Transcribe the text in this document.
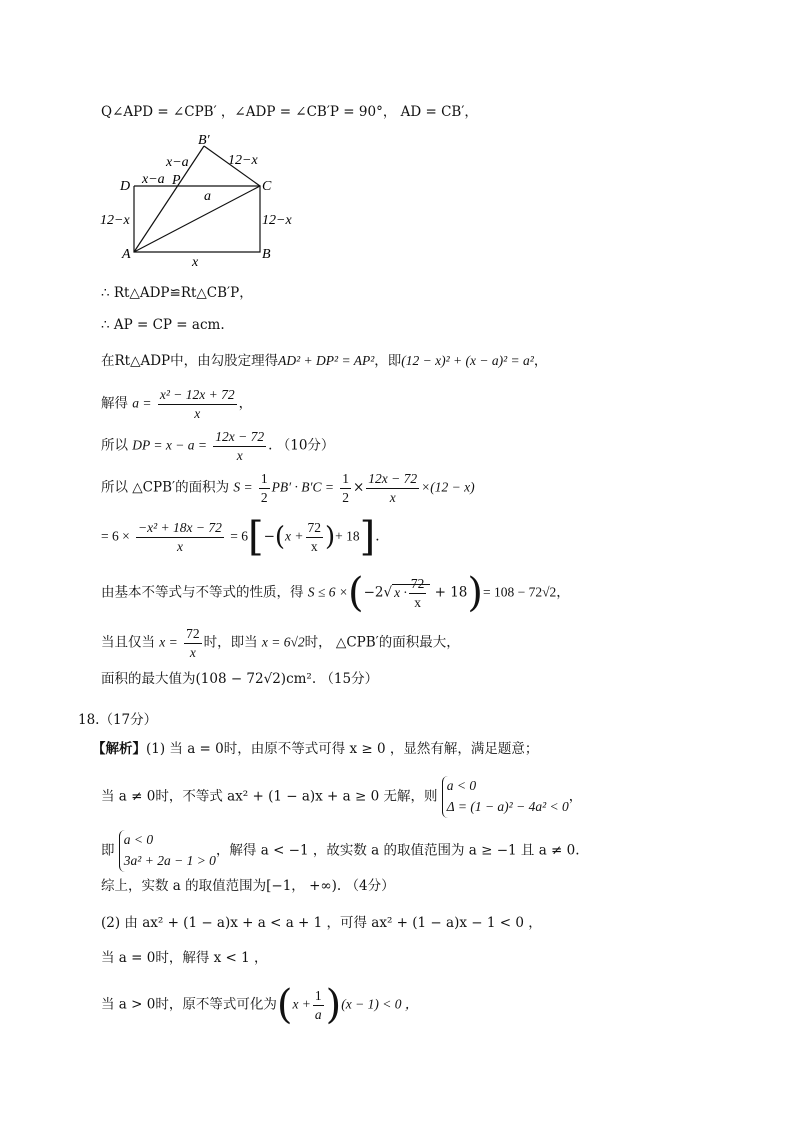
Q∠APD = ∠CPB′ ，∠ADP = ∠CB′P = 90°， AD = CB′，
B′
D	P	C
A	B
x−a
x−a
12−x
a
12−x	12−x
x
∴ Rt△ADP≌Rt△CB′P，
∴ AP = CP = acm.
在Rt△ADP中，由勾股定理得AD² + DP² = AP²，即(12 − x)² + (x − a)² = a²，
解得 $a = \frac{\text{x² − 12x + 72}}{x}$ ，
所以 DP = $x - a = \frac{12x - 72}{x}$ . （10分）
所以 △CPB′的面积为 $S = \frac{1}{2} PB' \cdot B'C = \frac{1}{2} \times \frac{12x - 72}{x} \times(12 - x)$
= $6 \times \frac{\text{−x² + 18x − 72}}{x} = 6[-(x + \frac{72}{x}$ )+ 18].
由基本不等式与不等式的性质，得 S ≤ 6 ×(−2√ $x \cdot \frac{72}{x} + 18)= 108 - 72√2$，
当且仅当 $x = \frac{72}{x}$ 时，即当 x = 6√2时， △CPB′的面积最大，
面积的最大值为(108 − 72√2)cm². （15分）
18.（17分）
【解析】(1) 当 a = 0时，由原不等式可得 x ≥ 0 ，显然有解，满足题意；
当 a ≠ 0时，不等式 ax² + (1 − a)x + a ≥ 0 无解，则 a < 0
Δ = (1 − a)² − 4a² < 0，
即 a < 0
3a² + 2a − 1 > 0，解得 a < −1 ，故实数 a 的取值范围为 a ≥ −1 且 a ≠ 0.
综上，实数 a 的取值范围为[−1， +∞). （4分）
(2) 由 ax² + (1 − a)x + a < a + 1 ，可得 ax² + (1 − a)x − 1 < 0 ，
当 a = 0时，解得 x < 1 ，
当 a > 0时，原不等式可化为$(x + \frac{1}{a} )(x - 1) < 0$ ，
